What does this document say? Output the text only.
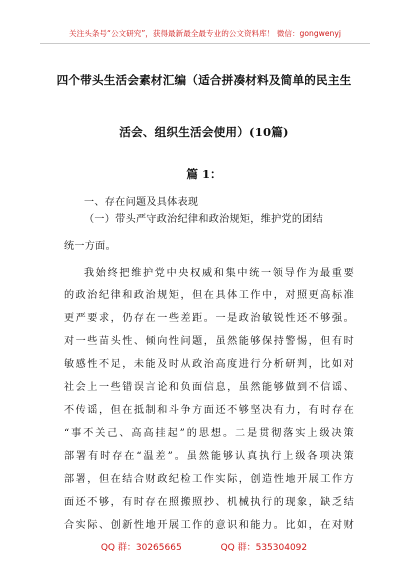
关注头条号“公文研究”，获得最新最全最专业的公文资料库！ 微信：gongwenyj
四个带头生活会素材汇编（适合拼凑材料及简单的民主生
活会、组织生活会使用）(10篇)
篇 1：
一、存在问题及具体表现
（一）带头严守政治纪律和政治规矩，维护党的团结
统一方面。
我始终把维护党中央权威和集中统一领导作为最重要
的政治纪律和政治规矩，但在具体工作中，对照更高标准
更严要求，仍存在一些差距。一是政治敏锐性还不够强。
对一些苗头性、倾向性问题，虽然能够保持警惕，但有时
敏感性不足，未能及时从政治高度进行分析研判，比如对
社会上一些错误言论和负面信息，虽然能够做到不信谣、
不传谣，但在抵制和斗争方面还不够坚决有力，有时存在
“事不关己、高高挂起”的思想。二是贯彻落实上级决策
部署有时存在“温差”。虽然能够认真执行上级各项决策
部署，但在结合财政纪检工作实际，创造性地开展工作方
面还不够，有时存在照搬照抄、机械执行的现象，缺乏结
合实际、创新性地开展工作的意识和能力。比如，在对财
QQ 群：30265665	QQ 群：535304092
